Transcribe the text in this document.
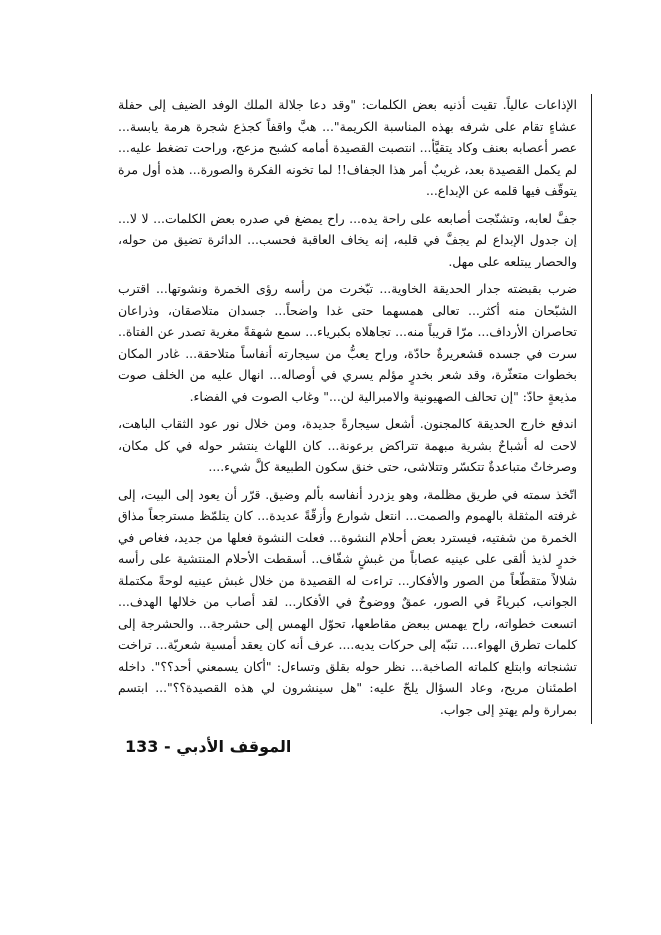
الإذاعات عالياً. تقيت أذنيه بعض الكلمات: "وقد دعا جلالة الملك الوفد الضيف إلى حفلة عشاءٍ تقام على شرفه بهذه المناسبة الكريمة"... هبَّ واقفاً كجذع شجرة هرمة يابسة... عصر أعصابه بعنف وكاد يتقيَّأ... انتصبت القصيدة أمامه كشبح مزعج، وراحت تضغط عليه... لم يكمل القصيدة بعد، غريبٌ أمر هذا الجفاف!! لما تخونه الفكرة والصورة... هذه أول مرة يتوقّف فيها قلمه عن الإبداع...

جفَّ لعابه، وتشنّجت أصابعه على راحة يده... راح يمضغ في صدره بعض الكلمات... لا لا... إن جدول الإبداع لم يجفَّ في قلبه، إنه يخاف العاقبة فحسب... الدائرة تضيق من حوله، والحصار يبتلعه على مهل.

ضرب بقبضته جدار الحديقة الخاوية... تبّخرت من رأسه رؤى الخمرة ونشوتها... اقترب الشبّحان منه أكثر... تعالى همسهما حتى غدا واضحاً... جسدان متلاصقان، وذراعان تحاصران الأرداف... مرّا قريباً منه... تجاهلاه بكبرياء... سمع شهقةً مغرية تصدر عن الفتاة.. سرت في جسده قشعريرةٌ حادّة، وراح يعبُّ من سيجارته أنفاساً متلاحقة... غادر المكان بخطوات متعثّرة، وقد شعر بخدرٍ مؤلم يسري في أوصاله... انهال عليه من الخلف صوت مذيعةٍ حادّ: "إن تحالف الصهيونية والامبرالية لن..." وغاب الصوت في الفضاء.

اندفع خارج الحديقة كالمجنون. أشعل سيجارةً جديدة، ومن خلال نور عود الثقاب الباهت، لاحت له أشباحٌ بشرية مبهمة تتراكض برعونة... كان اللهاث ينتشر حوله في كل مكان، وصرخاتٌ متباعدةٌ تتكسّر وتتلاشى، حتى خنق سكون الطبيعة كلَّ شيء....

اتّخذ سمته في طريق مظلمة، وهو يزدرد أنفاسه بألم وضيق. قرّر أن يعود إلى البيت، إلى غرفته المثقلة بالهموم والصمت... انتعل شوارع وأزقّةً عديدة... كان يتلمّظ مسترجعاً مذاق الخمرة من شفتيه، فيسترد بعض أحلام النشوة... فعلت النشوة فعلها من جديد، فغاص في خدرٍ لذيذ ألقى على عينيه عصاباً من غبشٍ شفّاف.. أسقطت الأحلام المنتشية على رأسه شلالاً متقطّعاً من الصور والأفكار... تراءت له القصيدة من خلال غبش عينيه لوحةً مكتملة الجوانب، كبرياءً في الصور، عمقٌ ووضوحٌ في الأفكار... لقد أصاب من خلالها الهدف... اتسعت خطواته، راح يهمس ببعض مقاطعها، تحوّل الهمس إلى حشرجة... والحشرجة إلى كلمات تطرق الهواء.... تنبّه إلى حركات يديه.... عرف أنه كان يعقد أمسية شعريّة... تراخت تشنجاته وابتلع كلماته الصاخبة... نظر حوله بقلق وتساءل: "أكان يسمعني أحد؟؟". داخله اطمئنان مريح، وعاد السؤال يلحّ عليه: "هل سينشرون لي هذه القصيدة؟؟"... ابتسم بمرارة ولم يهتدِ إلى جواب.

الموقف الأدبي - 133
